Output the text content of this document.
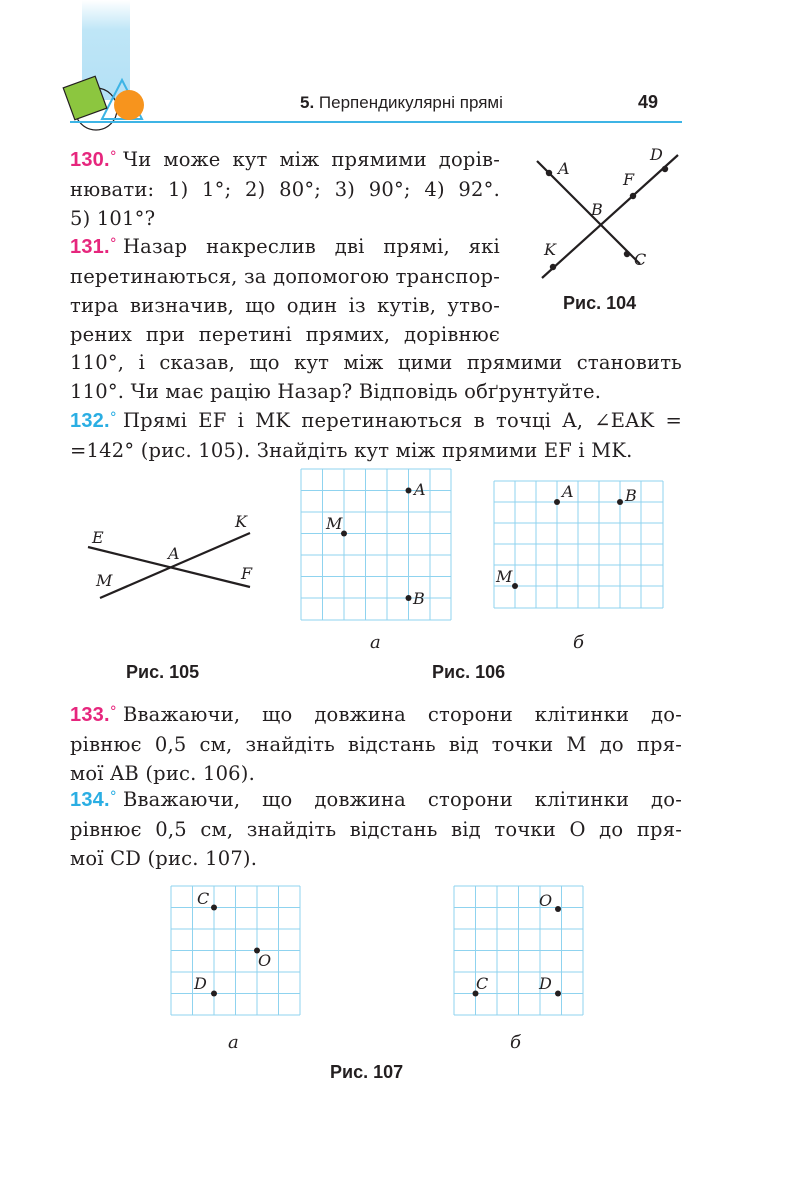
5. Перпендикулярні прямі	49
130.° Чи може кут між прямими дорів-
нювати: 1) 1°; 2) 80°; 3) 90°; 4) 92°.
5) 101°?
A
B
C
D
F
K
Рис. 104
131.° Назар накреслив дві прямі, які
перетинаються, за допомогою транспор-
тира визначив, що один із кутів, утво-
рених при перетині прямих, дорівнює
110°, і сказав, що кут між цими прямими становить
110°. Чи має рацію Назар? Відповідь обґрунтуйте.
132.° Прямі EF і MK перетинаються в точці A, ∠EAK =
=142° (рис. 105). Знайдіть кут між прямими EF і MK.
E
K
A
M	F
Рис. 105
A
M
B
а
A	B
M
б
Рис. 106
133.° Вважаючи, що довжина сторони клітинки до-
рівнює 0,5 см, знайдіть відстань від точки M до пря-
мої AB (рис. 106).
134.° Вважаючи, що довжина сторони клітинки до-
рівнює 0,5 см, знайдіть відстань від точки O до пря-
мої CD (рис. 107).
C
O
D
а
O
C	D
б
Рис. 107
